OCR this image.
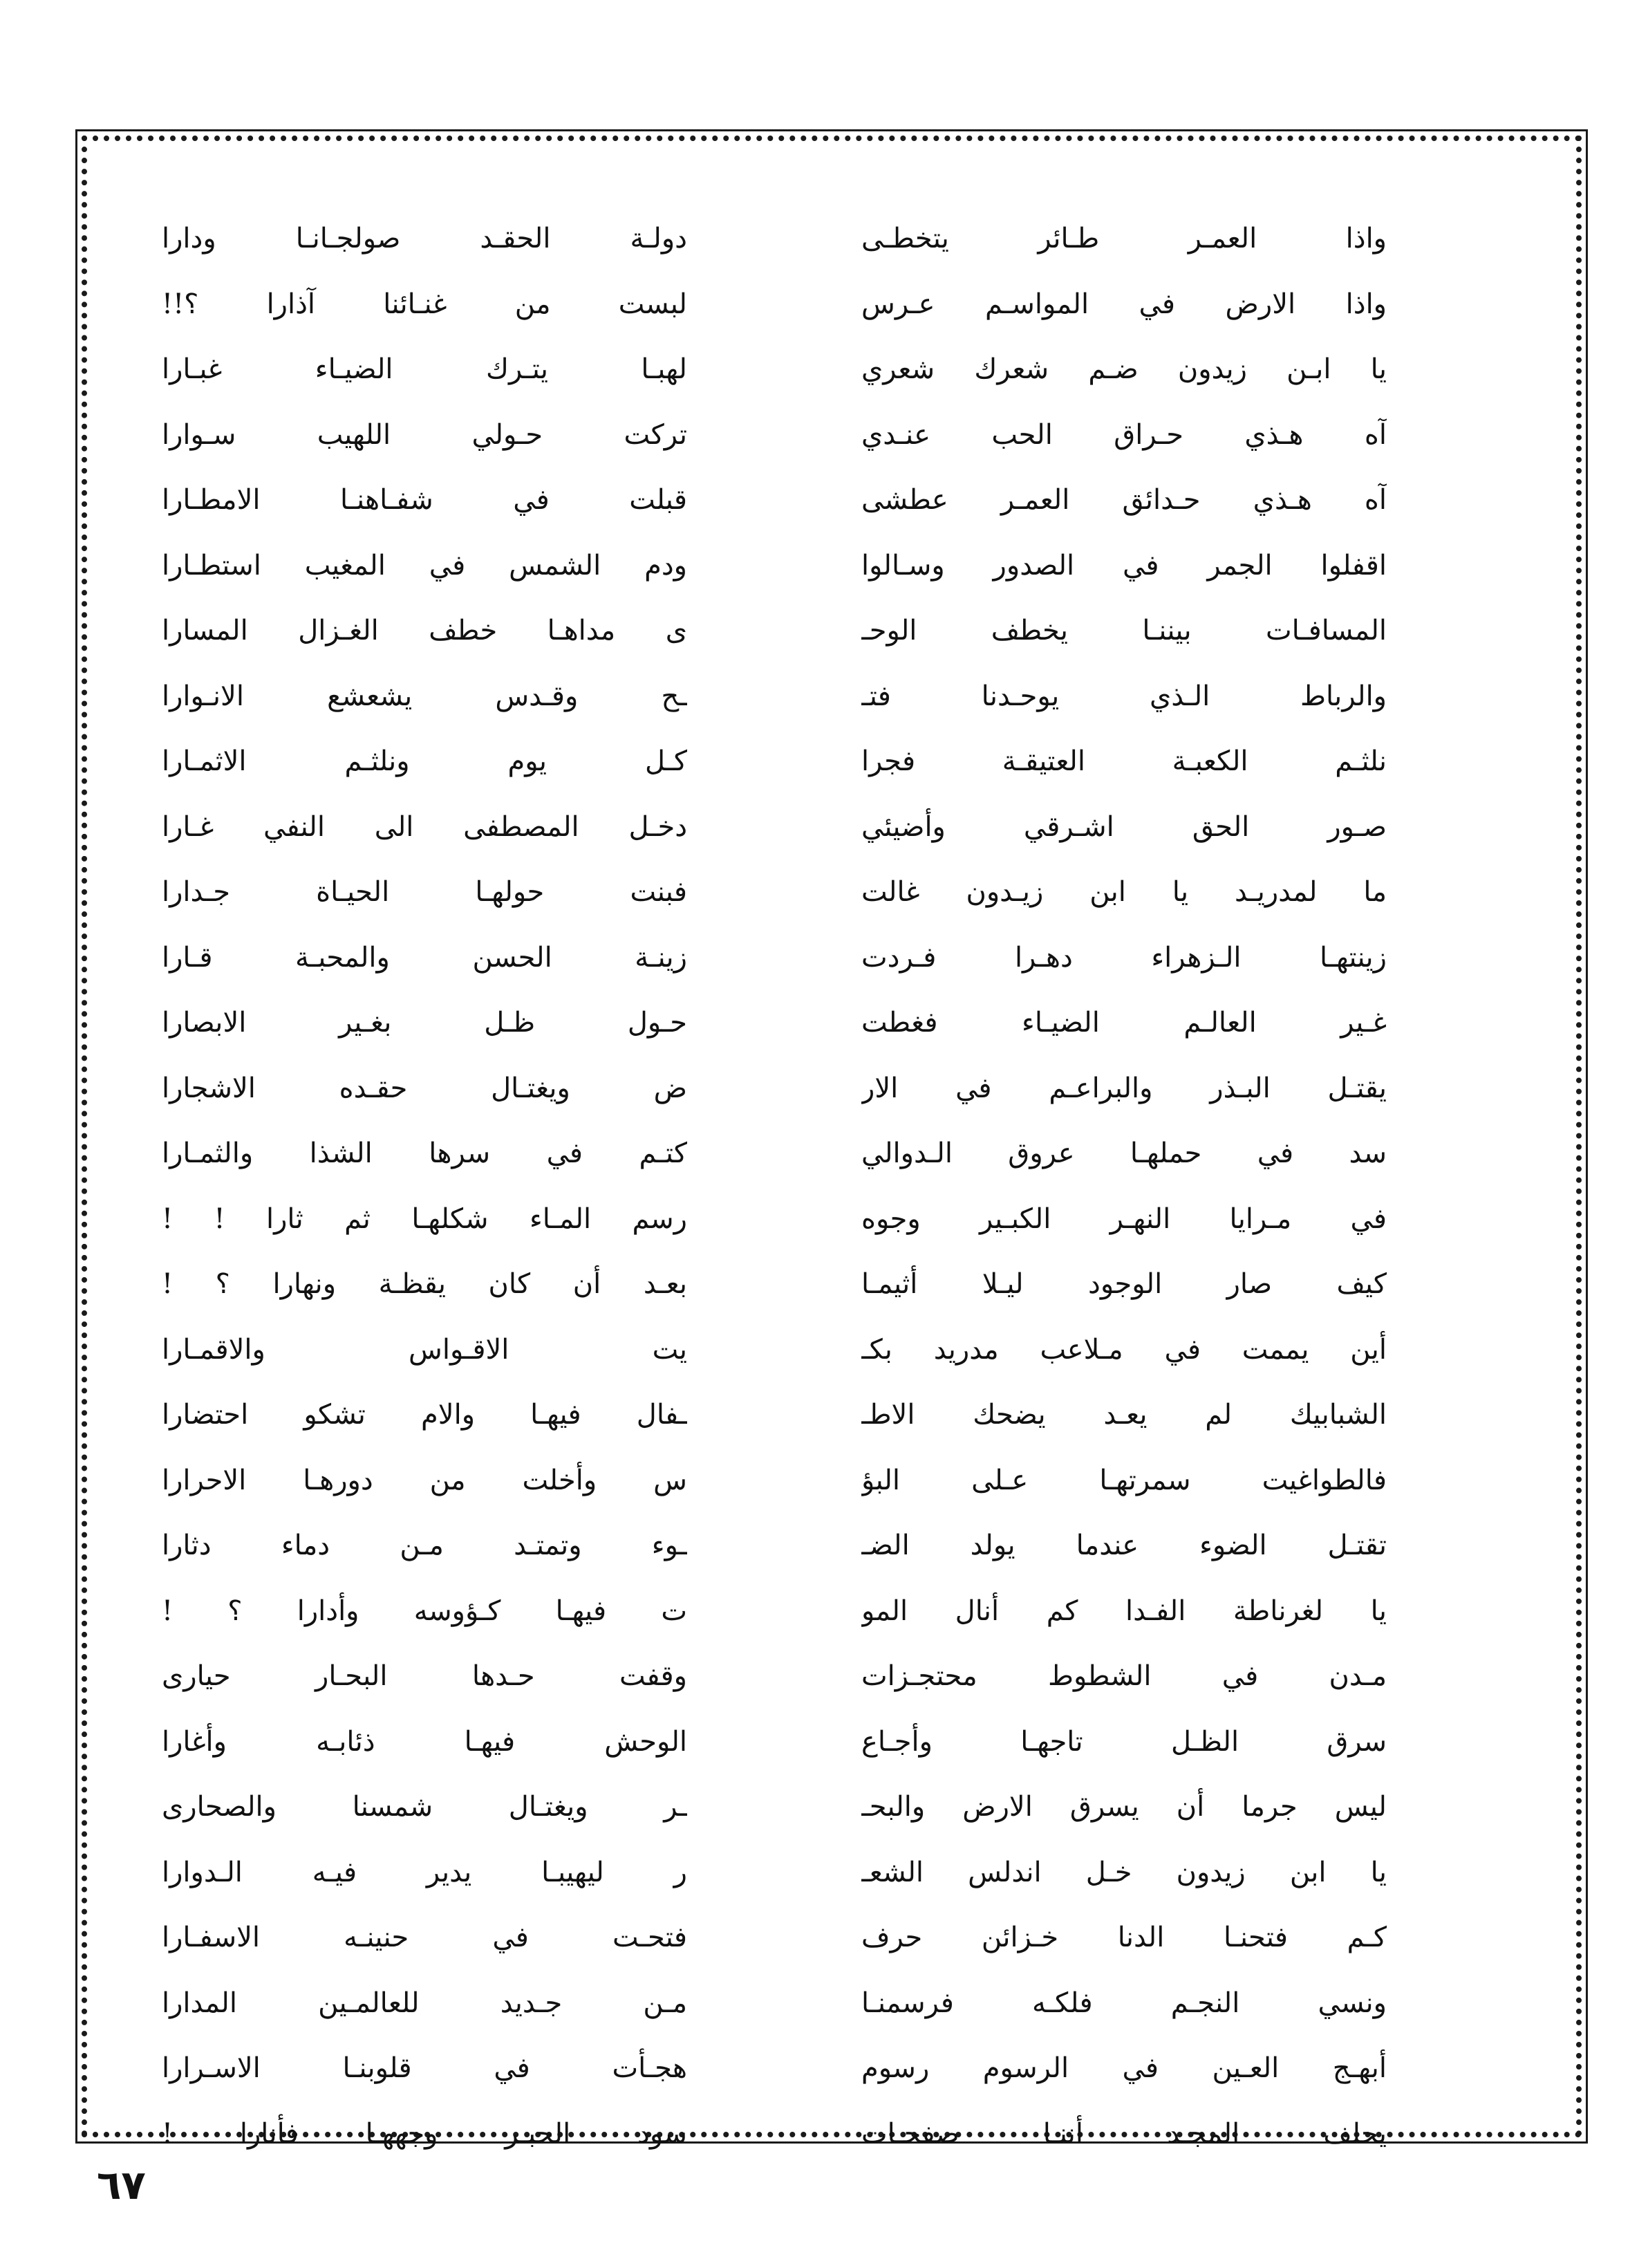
واذا العمـر طـائر يتخطـى
واذا الارض في المواسـم عـرس
يا ابـن زيدون ضـم شعرك شعري
آه هـذي حـراق الحب عنـدي
آه هـذي حـدائق العمـر عطشى
اقفلوا الجمر في الصدور وسـالوا
المسافـات بيننـا يخطف الوحـ
والرباط الـذي يوحـدنا فتـ
نلثـم الكعبـة العتيقـة فجرا
صـور الحق اشـرقي وأضيئي
ما لمدريـد يا ابن زيـدون غالت
زينتهـا الـزهراء دهـرا فـردت
غـير العالـم الضيـاء فغطت
يقتـل البـذر والبراعـم في الار
سد في حملهـا عروق الـدوالي
في مـرايا النهـر الكبـير وجوه
كيف صار الوجود ليـلا أثيمـا
أين يممت في مـلاعب مدريد بكـ
الشبابيك لم يعـد يضحك الاطـ
فالطواغيت سمرتهـا عـلى البؤ
تقتـل الضوء عندما يولد الضـ
يا لغرناطة الفـدا كم أنال المو
مـدن في الشطوط محتجـزات
سرق الظـل تاجهـا وأجـاع
ليس جرما أن يسرق الارض والبحـ
يا ابن زيدون خـل اندلس الشعـ
كـم فتحنـا الدنا خـزائن حرف
ونسي النجـم فلكـه فرسمنـا
أبهـج العـين في الرسوم رسوم
يحلف المجـد أننـا صفحـات
دولـة الحقـد صولجـانـا ودارا
لبست من غنـائنا آذارا ؟!!
لهبـا يتـرك الضيـاء غبـارا
تركت حـولي اللهيب سـوارا
قبلت في شفـاهنـا الامطـارا
ودم الشمس في المغيب استطـارا
ى مداهـا خطف الغـزال المسارا
ـح وقـدس يشعشع الانـوارا
كـل يوم ونلثـم الاثمـارا
دخـل المصطفى الى النفي غـارا
فبنت حولهـا الحيـاة جـدارا
زينـة الحسن والمحبـة قـارا
حـول ظـل بغـير الابصارا
ض ويغتـال حقـده الاشجارا
كتـم في سرها الشذا والثمـارا
رسم المـاء شكلهـا ثم ثارا ! !
بعـد أن كان يقظـة ونهارا ؟ !
يت الاقـواس والاقمـارا
ـفال فيهـا والام تشكو احتضارا
س وأخلت من دورهـا الاحرارا
ـوء وتمتـد مـن دماء دثارا
ت فيهـا كـؤوسه وأدارا ؟ !
وقفت حـدها البحـار حيارى
الوحش فيهـا ذئابـه وأغارا
ـر ويغتـال شمسنا والصحارى
ر ليهيبـا يدير فيـه الـدوارا
فتحـت في حنينـه الاسفـارا
مـن جـديد للعالمـين المدارا
هجـأت في قلوبنـا الاسـرارا
سود الحبـر وجههـا فأنارا !
٦٧
